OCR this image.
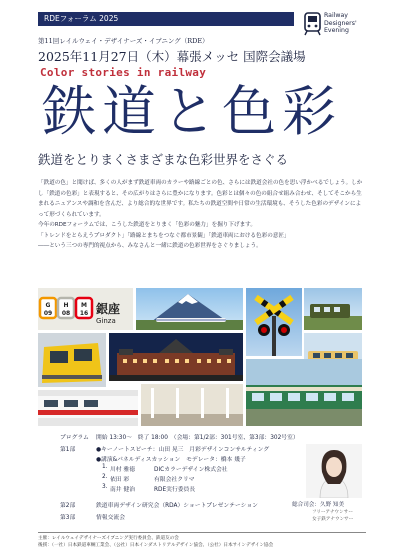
RDEフォーラム 2025	Railway
Designers'
Evening
第11回レイルウェイ・デザイナーズ・イブニング（RDE）
2025年11月27日（木）幕張メッセ 国際会議場
Color stories in railway
鉄道と色彩
鉄道をとりまくさまざまな色彩世界をさぐる

「鉄道の色」と聞けば、多くの人がまず鉄道車両のカラーや路線ごとの色、さらには鉄道会社の色を思い浮かべるでしょう。しかし「鉄道の色彩」と表現すると、その広がりはさらに豊かになります。色彩とは個々の色の組合せ組み合わせ、そしてそこから生まれるニュアンスや調和を含んだ、より総合的な世界です。私たちの鉄道空間や日常の生活環境も、そうした色彩のデザインによって形づくられています。

今年のRDEフォーラムでは、こうした鉄道をとりまく「色彩の魅力」を掘り下げます。

「トレンドをとらえうプロダクト」「路線とまちをつなぐ都市景観」「鉄道車両における色彩の意匠」

――という三つの専門的視点から、みなさんと一緒に鉄道の色彩世界をさぐりましょう。

G
09
H
08
M
16 銀座
Ginza
プログラム 開始 13:30～　終了 18:00　（会場：第1/2部：301号室、第3部：302号室）
第1部	●キーノートスピーチ：山田 晃三　月彩デザインコンサルティング
●講演&パネルディスカッション　モデレータ：橋本 幾子
1. 川村 雅徳	DICカラーデザイン株式会社
2. 依田 彩	有限会社クリマ
3. 南井 健治	RDE実行委員長
第2部	鉄道車両デザイン研究会（RDA）ショートプレゼンテーション
第3部	情報交流会
総合司会：久野 知美
フリーアナウンサー
女子鉄アナウンサー
主催：レイルウェイデザイナーズイブニング実行委員会、鉄道友の会
後援：（一社）日本鉄道車輌工業会、（公社）日本インダストリアルデザイン協会、（公社）日本サインデザイン協会
